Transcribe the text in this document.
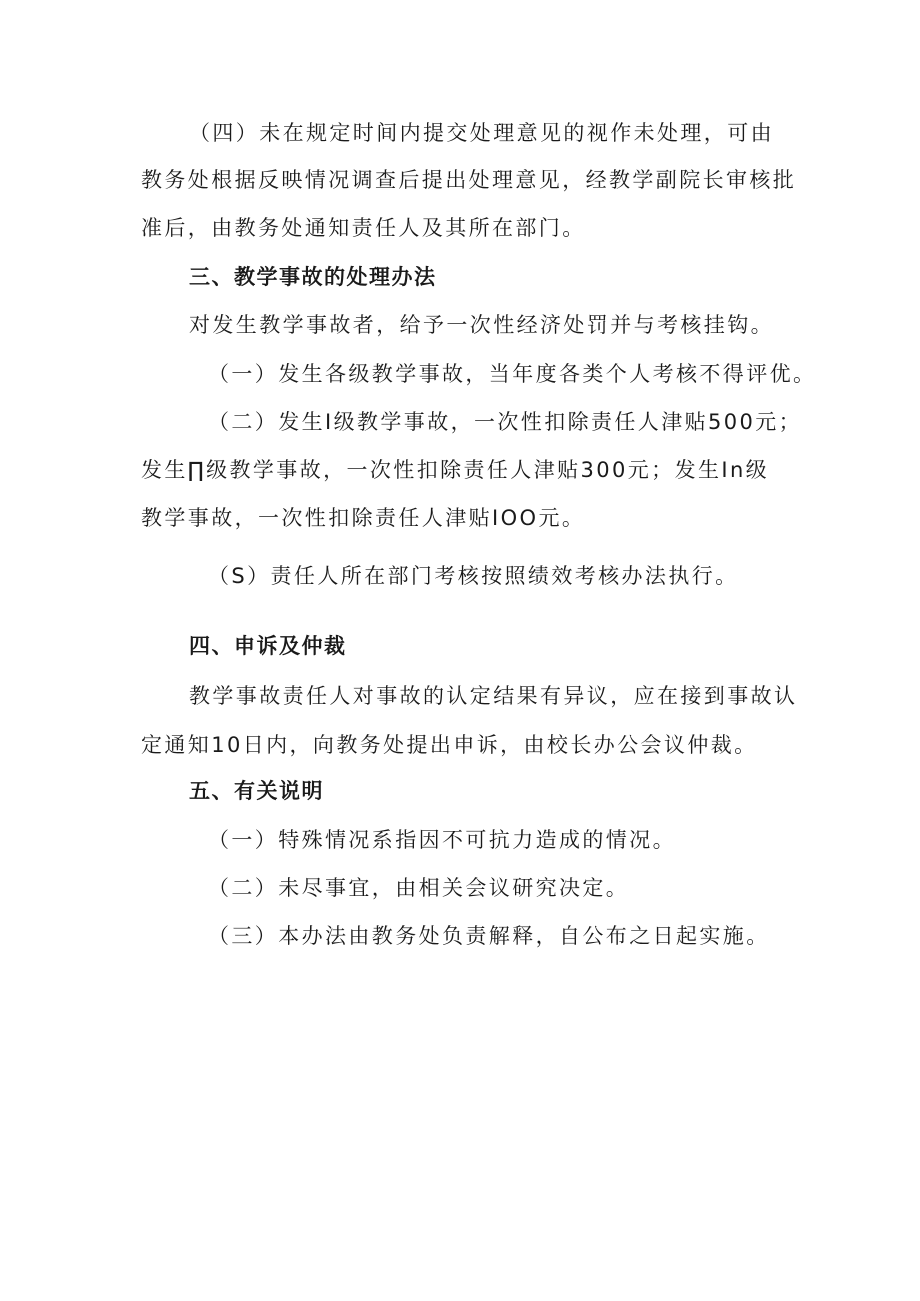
（四）未在规定时间内提交处理意见的视作未处理，可由
教务处根据反映情况调查后提出处理意见，经教学副院长审核批
准后，由教务处通知责任人及其所在部门。
三、教学事故的处理办法
对发生教学事故者，给予一次性经济处罚并与考核挂钩。
（一）发生各级教学事故，当年度各类个人考核不得评优。
（二）发生Ⅰ级教学事故，一次性扣除责任人津贴500元；
发生∏级教学事故，一次性扣除责任人津贴300元；发生In级
教学事故，一次性扣除责任人津贴IOO元。
（S）责任人所在部门考核按照绩效考核办法执行。
四、申诉及仲裁
教学事故责任人对事故的认定结果有异议，应在接到事故认
定通知10日内，向教务处提出申诉，由校长办公会议仲裁。
五、有关说明
（一）特殊情况系指因不可抗力造成的情况。
（二）未尽事宜，由相关会议研究决定。
（三）本办法由教务处负责解释，自公布之日起实施。
